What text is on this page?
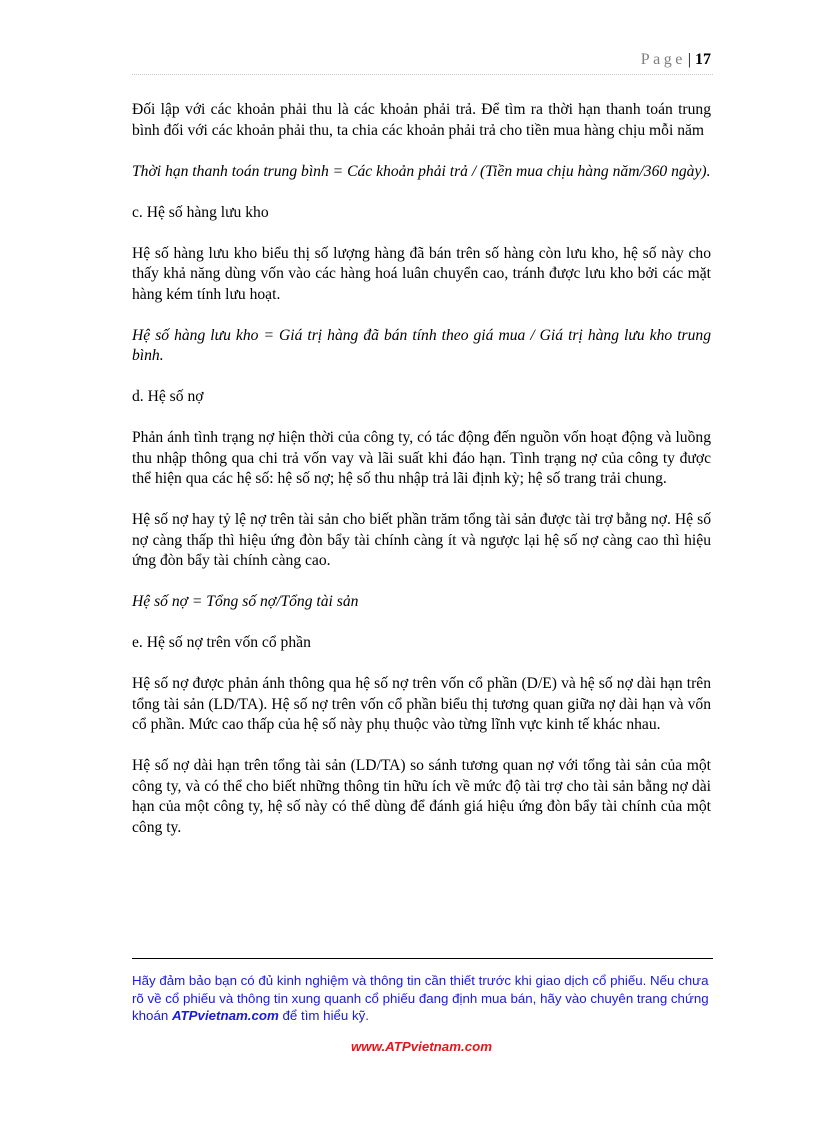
Page | 17

Đối lập với các khoản phải thu là các khoản phải trả. Để tìm ra thời hạn thanh toán trung bình đối với các khoản phải thu, ta chia các khoản phải trả cho tiền mua hàng chịu mỗi năm

Thời hạn thanh toán trung bình = Các khoản phải trả / (Tiền mua chịu hàng năm/360 ngày).

c. Hệ số hàng lưu kho

Hệ số hàng lưu kho biểu thị số lượng hàng đã bán trên số hàng còn lưu kho, hệ số này cho thấy khả năng dùng vốn vào các hàng hoá luân chuyển cao, tránh được lưu kho bởi các mặt hàng kém tính lưu hoạt.

Hệ số hàng lưu kho = Giá trị hàng đã bán tính theo giá mua / Giá trị hàng lưu kho trung bình.

d. Hệ số nợ

Phản ánh tình trạng nợ hiện thời của công ty, có tác động đến nguồn vốn hoạt động và luồng thu nhập thông qua chi trả vốn vay và lãi suất khi đáo hạn. Tình trạng nợ của công ty được thể hiện qua các hệ số: hệ số nợ; hệ số thu nhập trả lãi định kỳ; hệ số trang trải chung.

Hệ số nợ hay tỷ lệ nợ trên tài sản cho biết phần trăm tổng tài sản được tài trợ bằng nợ. Hệ số nợ càng thấp thì hiệu ứng đòn bẩy tài chính càng ít và ngược lại hệ số nợ càng cao thì hiệu ứng đòn bẩy tài chính càng cao.

Hệ số nợ = Tổng số nợ/Tổng tài sản

e. Hệ số nợ trên vốn cổ phần

Hệ số nợ được phản ánh thông qua hệ số nợ trên vốn cổ phần (D/E) và hệ số nợ dài hạn trên tổng tài sản (LD/TA). Hệ số nợ trên vốn cổ phần biểu thị tương quan giữa nợ dài hạn và vốn cổ phần. Mức cao thấp của hệ số này phụ thuộc vào từng lĩnh vực kinh tế khác nhau.

Hệ số nợ dài hạn trên tổng tài sản (LD/TA) so sánh tương quan nợ với tổng tài sản của một công ty, và có thể cho biết những thông tin hữu ích về mức độ tài trợ cho tài sản bằng nợ dài hạn của một công ty, hệ số này có thể dùng để đánh giá hiệu ứng đòn bẩy tài chính của một công ty.

Hãy đảm bảo bạn có đủ kinh nghiệm và thông tin cần thiết trước khi giao dịch cổ phiếu. Nếu chưa rõ về cổ phiếu và thông tin xung quanh cổ phiếu đang định mua bán, hãy vào chuyên trang chứng khoán ATPvietnam.com để tìm hiểu kỹ.
www.ATPvietnam.com
